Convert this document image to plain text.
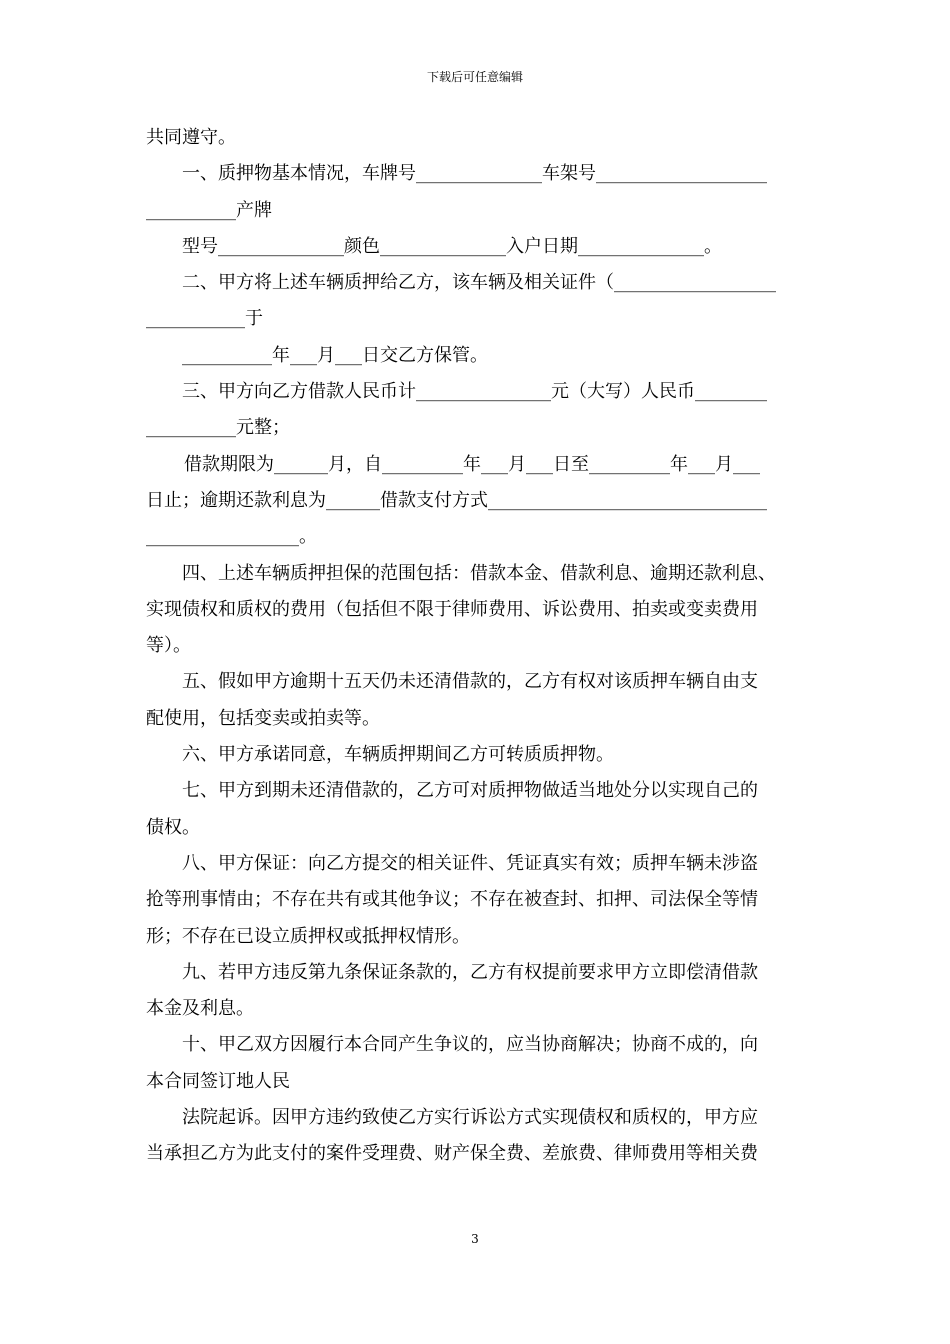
下载后可任意编辑
共同遵守。
一、质押物基本情况，车牌号______________车架号___________________
__________产牌
型号______________颜色______________入户日期______________。
二、甲方将上述车辆质押给乙方，该车辆及相关证件（__________________
___________于
__________年___月___日交乙方保管。
三、甲方向乙方借款人民币计_______________元（大写）人民币________
__________元整；
借款期限为______月，自_________年___月___日至_________年___月___
日止；逾期还款利息为______借款支付方式_______________________________
_________________。
四、上述车辆质押担保的范围包括：借款本金、借款利息、逾期还款利息、
实现债权和质权的费用（包括但不限于律师费用、诉讼费用、拍卖或变卖费用
等）。
五、假如甲方逾期十五天仍未还清借款的，乙方有权对该质押车辆自由支
配使用，包括变卖或拍卖等。
六、甲方承诺同意，车辆质押期间乙方可转质质押物。
七、甲方到期未还清借款的，乙方可对质押物做适当地处分以实现自己的
债权。
八、甲方保证：向乙方提交的相关证件、凭证真实有效；质押车辆未涉盗
抢等刑事情由；不存在共有或其他争议；不存在被查封、扣押、司法保全等情
形；不存在已设立质押权或抵押权情形。
九、若甲方违反第九条保证条款的，乙方有权提前要求甲方立即偿清借款
本金及利息。
十、甲乙双方因履行本合同产生争议的，应当协商解决；协商不成的，向
本合同签订地人民
法院起诉。因甲方违约致使乙方实行诉讼方式实现债权和质权的，甲方应
当承担乙方为此支付的案件受理费、财产保全费、差旅费、律师费用等相关费
3
